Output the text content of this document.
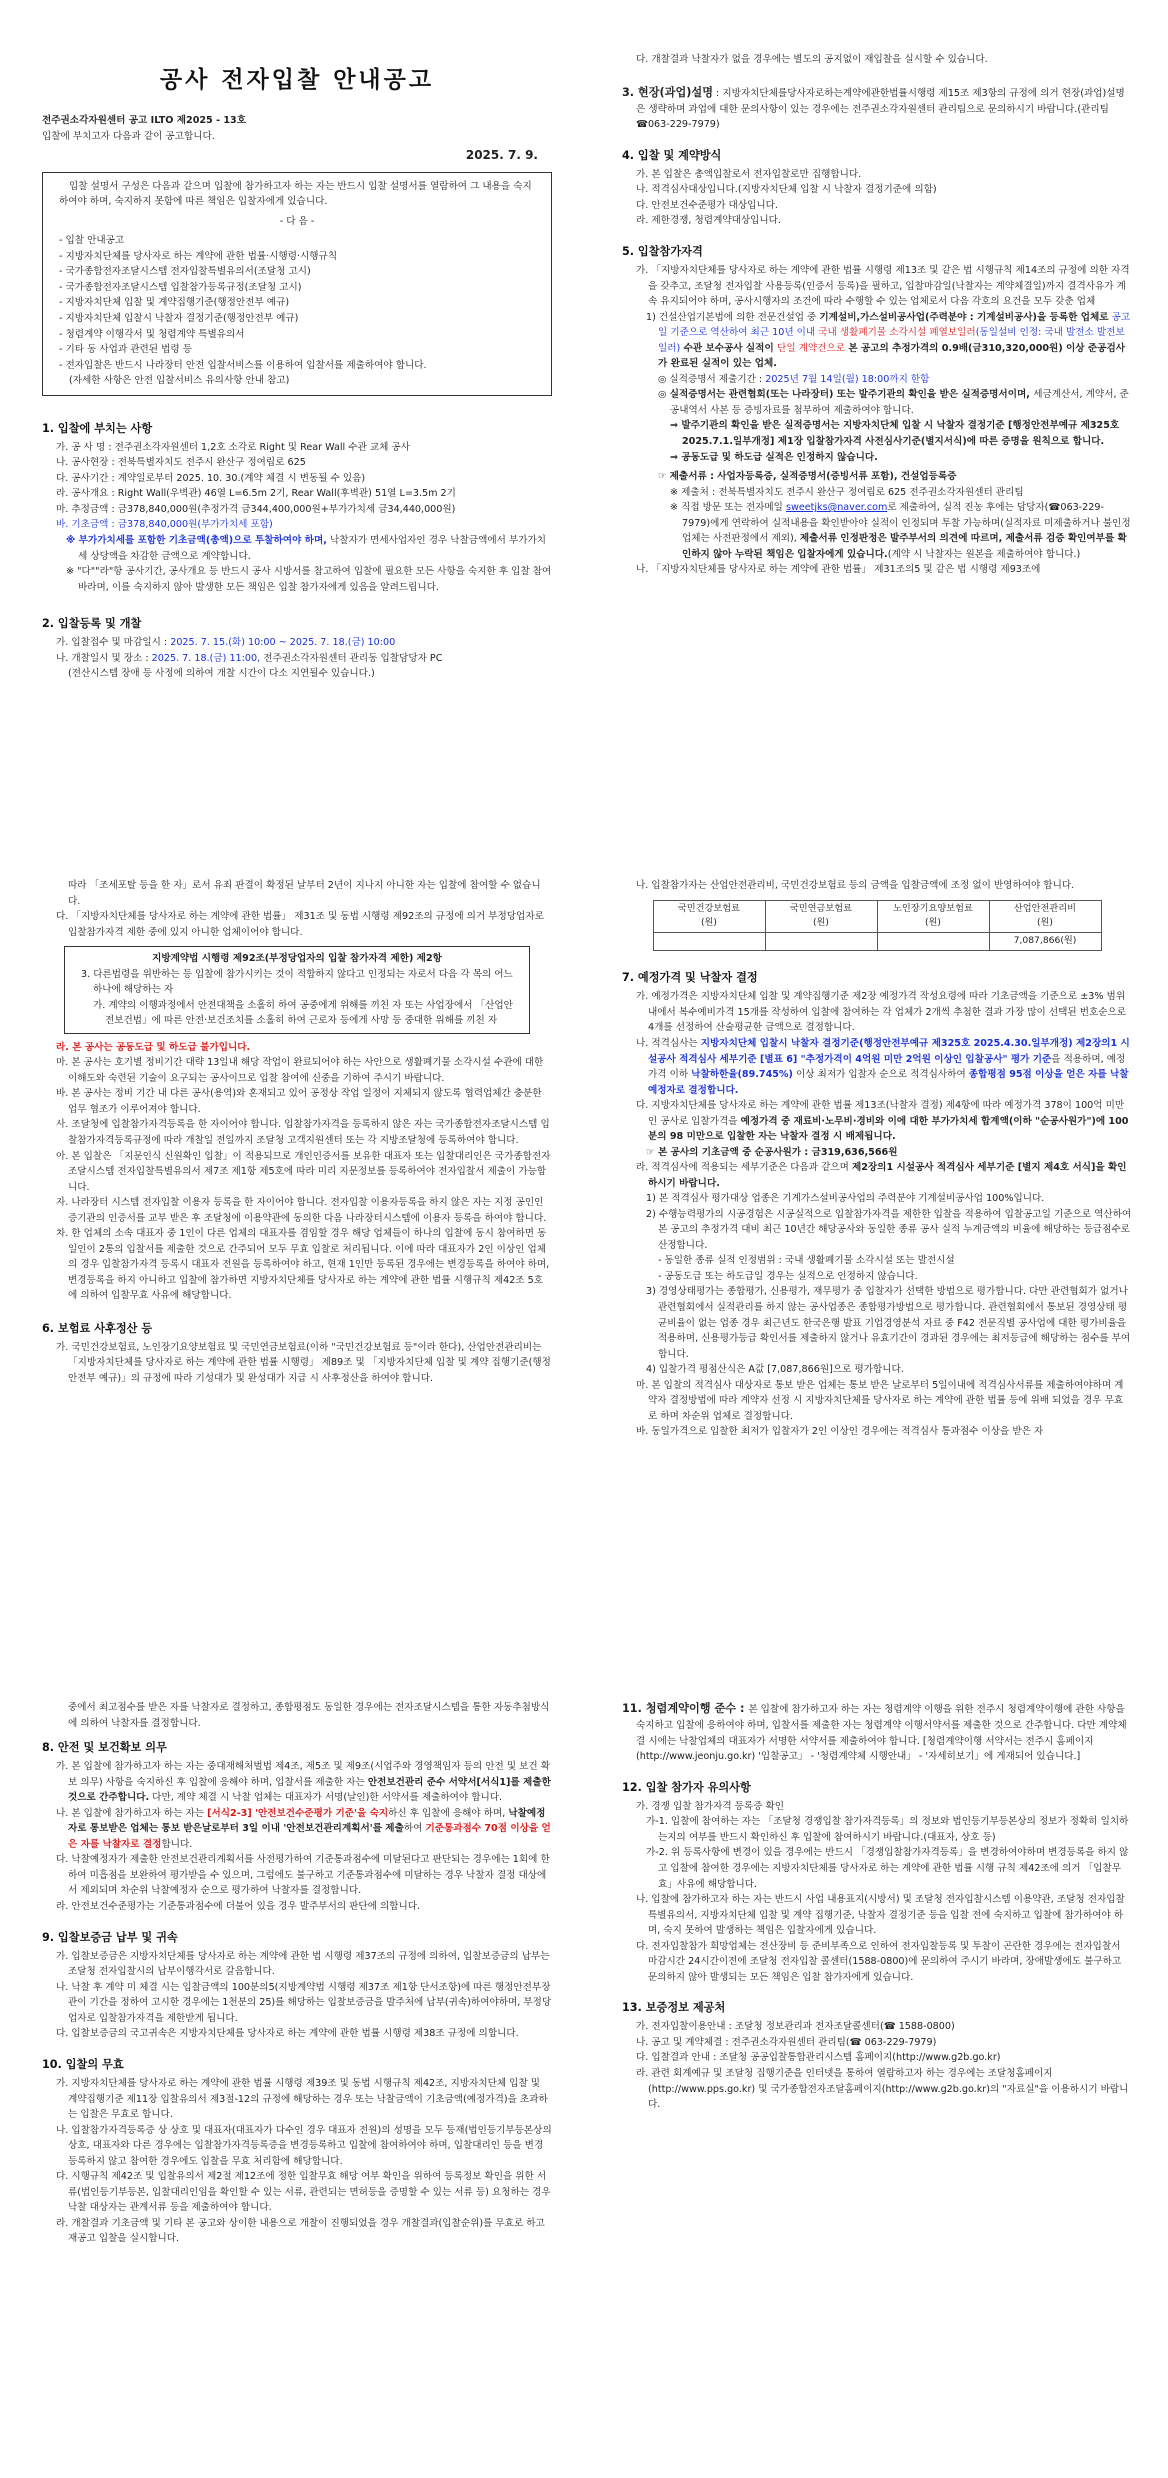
공사 전자입찰 안내공고

전주권소각자원센터 공고 ILTO 제2025 - 13호

입찰에 부치고자 다음과 같이 공고합니다.

2025. 7. 9.

입찰 설명서 구성은 다음과 같으며 입찰에 참가하고자 하는 자는 반드시 입찰 설명서를 열람하여 그 내용을 숙지하여야 하며, 숙지하지 못함에 따른 책임은 입찰자에게 있습니다.

- 다 음 -

- 입찰 안내공고

- 지방자치단체를 당사자로 하는 계약에 관한 법률·시행령·시행규칙

- 국가종합전자조달시스템 전자입찰특별유의서(조달청 고시)

- 국가종합전자조달시스템 입찰참가등록규정(조달청 고시)

- 지방자치단체 입찰 및 계약집행기준(행정안전부 예규)

- 지방자치단체 입찰시 낙찰자 결정기준(행정안전부 예규)

- 청렴계약 이행각서 및 청렴계약 특별유의서

- 기타 동 사업과 관련된 법령 등

- 전자입찰은 반드시 나라장터 안전 입찰서비스를 이용하여 입찰서를 제출하여야 합니다.

(자세한 사항은 안전 입찰서비스 유의사항 안내 참고)

1. 입찰에 부치는 사항

가. 공 사 명 : 전주권소각자원센터 1,2호 소각로 Right 및 Rear Wall 수관 교체 공사

나. 공사현장 : 전북특별자치도 전주시 완산구 정여립로 625

다. 공사기간 : 계약일로부터 2025. 10. 30.(계약 체결 시 변동될 수 있음)

라. 공사개요 : Right Wall(우벽관) 46열 L=6.5m 2기, Rear Wall(후벽관) 51열 L=3.5m 2기

마. 추정금액 : 금378,840,000원(추정가격 금344,400,000원+부가가치세 금34,440,000원)

바. 기초금액 : 금378,840,000원(부가가치세 포함)

※ 부가가치세를 포함한 기초금액(총액)으로 투찰하여야 하며, 낙찰자가 면세사업자인 경우 낙찰금액에서 부가가치세 상당액을 차감한 금액으로 계약합니다.

※ "다""라"항 공사기간, 공사개요 등 반드시 공사 시방서를 참고하여 입찰에 필요한 모든 사항을 숙지한 후 입찰 참여바라며, 이를 숙지하지 않아 발생한 모든 책임은 입찰 참가자에게 있음을 알려드립니다.

2. 입찰등록 및 개찰

가. 입찰접수 및 마감일시 : 2025. 7. 15.(화) 10:00 ~ 2025. 7. 18.(금) 10:00

나. 개찰일시 및 장소 : 2025. 7. 18.(금) 11:00, 전주권소각자원센터 관리동 입찰담당자 PC

(전산시스템 장애 등 사정에 의하여 개찰 시간이 다소 지연될수 있습니다.)

다. 개찰결과 낙찰자가 없을 경우에는 별도의 공지없이 재입찰을 실시할 수 있습니다.

3. 현장(과업)설명 : 지방자치단체를당사자로하는계약에관한법률시행령 제15조 제3항의 규정에 의거 현장(과업)설명은 생략하며 과업에 대한 문의사항이 있는 경우에는 전주권소각자원센터 관리팀으로 문의하시기 바랍니다.(관리팀 ☎063-229-7979)

4. 입찰 및 계약방식

가. 본 입찰은 총액입찰로서 전자입찰로만 집행합니다.

나. 적격심사대상입니다.(지방자치단체 입찰 시 낙찰자 결정기준에 의함)

다. 안전보건수준평가 대상입니다.

라. 제한경쟁, 청렴계약대상입니다.

5. 입찰참가자격

가. 「지방자치단체를 당사자로 하는 계약에 관한 법률 시행령 제13조 및 같은 법 시행규칙 제14조의 규정에 의한 자격을 갖추고, 조달청 전자입찰 사용등록(인증서 등록)을 필하고, 입찰마감일(낙찰자는 계약체결일)까지 결격사유가 계속 유지되어야 하며, 공사시행자의 조건에 따라 수행할 수 있는 업체로서 다음 각호의 요건을 모두 갖춘 업체

1) 건설산업기본법에 의한 전문건설업 중 기계설비,가스설비공사업(주력분야 : 기계설비공사)을 등록한 업체로 공고일 기준으로 역산하여 최근 10년 이내 국내 생활폐기물 소각시설 폐열보일러(동일설비 인정: 국내 발전소 발전보일러) 수관 보수공사 실적이 단일 계약건으로 본 공고의 추정가격의 0.9배(금310,320,000원) 이상 준공검사가 완료된 실적이 있는 업체.

◎ 실적증명서 제출기간 : 2025년 7월 14일(월) 18:00까지 한함

◎ 실적증명서는 관련협회(또는 나라장터) 또는 발주기관의 확인을 받은 실적증명서이며, 세금계산서, 계약서, 준공내역서 사본 등 증빙자료를 첨부하여 제출하여야 합니다.

⇒ 발주기관의 확인을 받은 실적증명서는 지방자치단체 입찰 시 낙찰자 결정기준 [행정안전부예규 제325호 2025.7.1.일부개정] 제1장 입찰참가자격 사전심사기준(별지서식)에 따른 증명을 원칙으로 합니다.

⇒ 공동도급 및 하도급 실적은 인정하지 않습니다.

☞ 제출서류 : 사업자등록증, 실적증명서(증빙서류 포함), 건설업등록증

※ 제출처 : 전북특별자치도 전주시 완산구 정여립로 625 전주권소각자원센터 관리팀

※ 직접 방문 또는 전자메일 sweetjks@naver.com로 제출하여, 실적 진농 후에는 담당자(☎063-229-7979)에게 연락하여 실적내용을 확인받아야 실적이 인정되며 투찰 가능하며(실적자료 미제출하거나 불인정 업체는 사전판정에서 제외), 제출서류 인정판정은 발주부서의 의견에 따르며, 제출서류 검증 확인여부를 확인하지 않아 누락된 책임은 입찰자에게 있습니다.(계약 시 낙찰자는 원본을 제출하여야 합니다.)

나. 「지방자치단체를 당사자로 하는 계약에 관한 법률」 제31조의5 및 같은 법 시행령 제93조에

따라 「조세포탈 등을 한 자」로서 유죄 판결이 확정된 날부터 2년이 지나지 아니한 자는 입찰에 참여할 수 없습니다.

다. 「지방자치단체를 당사자로 하는 계약에 관한 법률」 제31조 및 동법 시행령 제92조의 규정에 의거 부정당업자로 입찰참가자격 제한 중에 있지 아니한 업체이어야 합니다.

지방계약법 시행령 제92조(부정당업자의 입찰 참가자격 제한) 제2항

3. 다른법령을 위반하는 등 입찰에 참가시키는 것이 적합하지 않다고 인정되는 자로서 다음 각 목의 어느 하나에 해당하는 자

가. 계약의 이행과정에서 안전대책을 소홀히 하여 공중에게 위해를 끼친 자 또는 사업장에서 「산업안전보건법」에 따른 안전·보건조치를 소홀히 하여 근로자 등에게 사망 등 중대한 위해를 끼친 자

라. 본 공사는 공동도급 및 하도급 불가입니다.

마. 본 공사는 호기별 정비기간 대략 13일내 해당 작업이 완료되어야 하는 사안으로 생활폐기물 소각시설 수관에 대한 이해도와 숙련된 기술이 요구되는 공사이므로 입찰 참여에 신중을 기하여 주시기 바랍니다.

바. 본 공사는 정비 기간 내 다른 공사(용역)와 혼재되고 있어 공정상 작업 일정이 지체되지 않도록 협력업체간 충분한 업무 협조가 이루어져야 합니다.

사. 조달청에 입찰참가자격등록을 한 자이어야 합니다. 입찰참가자격을 등록하지 않은 자는 국가종합전자조달시스템 입찰참가자격등록규정에 따라 개찰일 전일까지 조달청 고객지원센터 또는 각 지방조달청에 등록하여야 합니다.

아. 본 입찰은 「지문인식 신원확인 입찰」이 적용되므로 개인인증서를 보유한 대표자 또는 입찰대리인은 국가종합전자조달시스템 전자입찰특별유의서 제7조 제1항 제5호에 따라 미리 지문정보를 등록하여야 전자입찰서 제출이 가능합니다.

자. 나라장터 시스템 전자입찰 이용자 등록을 한 자이어야 합니다. 전자입찰 이용자등록을 하지 않은 자는 지정 공인인증기관의 인증서를 교부 받은 후 조달청에 이용약관에 동의한 다음 나라장터시스템에 이용자 등록을 하여야 합니다.

차. 한 업체의 소속 대표자 중 1인이 다른 업체의 대표자를 겸임할 경우 해당 업체들이 하나의 입찰에 동시 참여하면 동일인이 2통의 입찰서를 제출한 것으로 간주되어 모두 무효 입찰로 처리됩니다. 이에 따라 대표자가 2인 이상인 업체의 경우 입찰참가자격 등록시 대표자 전원을 등록하여야 하고, 현재 1인만 등록된 경우에는 변경등록을 하여야 하며, 변경등록을 하지 아니하고 입찰에 참가하면 지방자치단체를 당사자로 하는 계약에 관한 법률 시행규칙 제42조 5호에 의하여 입찰무효 사유에 해당합니다.

6. 보험료 사후정산 등

가. 국민건강보험료, 노인장기요양보험료 및 국민연금보험료(이하 "국민건강보험료 등"이라 한다), 산업안전관리비는 「지방자치단체를 당사자로 하는 계약에 관한 법률 시행령」 제89조 및 「지방자치단체 입찰 및 계약 집행기준(행정안전부 예규)」의 규정에 따라 기성대가 및 완성대가 지급 시 사후정산을 하여야 합니다.

나. 입찰참가자는 산업안전관리비, 국민건강보험료 등의 금액을 입찰금액에 조정 없이 반영하여야 합니다.

국민건강보험료
(원)	국민연금보험료
(원)	노인장기요양보험료
(원)	산업안전관리비
(원)
			7,087,866(원)
7. 예정가격 및 낙찰자 결정

가. 예정가격은 지방자치단체 입찰 및 계약집행기준 제2장 예정가격 작성요령에 따라 기초금액을 기준으로 ±3% 범위 내에서 복수예비가격 15개를 작성하여 입찰에 참여하는 각 업체가 2개씩 추첨한 결과 가장 많이 선택된 번호순으로 4개를 선정하여 산술평균한 금액으로 결정합니다.

나. 적격심사는 지방자치단체 입찰시 낙찰자 결정기준(행정안전부예규 제325호 2025.4.30.일부개정) 제2장의1 시설공사 적격심사 세부기준 [별표 6] "추정가격이 4억원 미만 2억원 이상인 입찰공사" 평가 기준을 적용하며, 예정가격 이하 낙찰하한율(89.745%) 이상 최저가 입찰자 순으로 적격심사하여 종합평점 95점 이상을 얻은 자를 낙찰예정자로 결정합니다.

다. 지방자치단체를 당사자로 하는 계약에 관한 법률 제13조(낙찰자 결정) 제4항에 따라 예정가격 378이 100억 미만인 공사로 입찰가격을 예정가격 중 재료비·노무비·경비와 이에 대한 부가가치세 합계액(이하 "순공사원가")에 100분의 98 미만으로 입찰한 자는 낙찰자 결정 시 배제됩니다.

☞ 본 공사의 기초금액 중 순공사원가 : 금319,636,566원

라. 적격심사에 적용되는 세부기준은 다음과 같으며 제2장의1 시설공사 적격심사 세부기준 [별지 제4호 서식]을 확인하시기 바랍니다.

1) 본 적격심사 평가대상 업종은 기계가스설비공사업의 주력분야 기계설비공사업 100%입니다.

2) 수행능력평가의 시공경험은 시공실적으로 입찰참가자격을 제한한 입찰을 적용하여 입찰공고일 기준으로 역산하여 본 공고의 추정가격 대비 최근 10년간 해당공사와 동일한 종류 공사 실적 누계금액의 비율에 해당하는 등급점수로 산정합니다.

- 동일한 종류 실적 인정범위 : 국내 생활폐기물 소각시설 또는 발전시설

- 공동도급 또는 하도급일 경우는 실적으로 인정하지 않습니다.

3) 경영상태평가는 종합평가, 신용평가, 재무평가 중 입찰자가 선택한 방법으로 평가합니다. 다만 관련협회가 없거나 관련협회에서 실적관리를 하지 않는 공사업종은 종합평가방법으로 평가합니다. 관련협회에서 통보된 경영상태 평균비율이 없는 업종 경우 최근년도 한국은행 발표 기업경영분석 자료 중 F42 전문직별 공사업에 대한 평가비율을 적용하며, 신용평가등급 확인서를 제출하지 않거나 유효기간이 경과된 경우에는 최저등급에 해당하는 점수를 부여합니다.

4) 입찰가격 평점산식은 A값 [7,087,866원]으로 평가합니다.

마. 본 입찰의 적격심사 대상자로 통보 받은 업체는 통보 받은 날로부터 5일이내에 적격심사서류를 제출하여야하며 계약자 결정방법에 따라 계약자 선정 시 지방자치단체를 당사자로 하는 계약에 관한 법률 등에 위배 되었을 경우 무효로 하며 차순위 업체로 결정합니다.

바. 동일가격으로 입찰한 최저가 입찰자가 2인 이상인 경우에는 적격심사 통과점수 이상을 받은 자

중에서 최고점수를 받은 자를 낙찰자로 결정하고, 종합평점도 동일한 경우에는 전자조달시스템을 통한 자동추첨방식에 의하여 낙찰자를 결정합니다.

8. 안전 및 보건확보 의무

가. 본 입찰에 참가하고자 하는 자는 중대재해처벌법 제4조, 제5조 및 제9조(시업주와 경영책임자 등의 안전 및 보건 확보 의무) 사항을 숙지하신 후 입찰에 응해야 하며, 입찰서를 제출한 자는 안전보건관리 준수 서약서[서식1]를 제출한 것으로 간주합니다. 다만, 계약 체결 시 낙찰 업체는 대표자가 서명(날인)한 서약서를 제출하여야 합니다.

나. 본 입찰에 참가하고자 하는 자는 [서식2-3] '안전보건수준평가 기준'을 숙지하신 후 입찰에 응해야 하며, 낙찰예정자로 통보받은 업체는 통보 받은날로부터 3일 이내 '안전보건관리계획서'를 제출하여 기준통과점수 70점 이상을 얻은 자를 낙찰자로 결정합니다.

다. 낙찰예정자가 제출한 안전보건관리계획서를 사전평가하여 기준통과점수에 미달된다고 판단되는 경우에는 1회에 한하여 미흡점을 보완하여 평가받을 수 있으며, 그럼에도 불구하고 기준통과점수에 미달하는 경우 낙찰자 결정 대상에서 제외되며 차순위 낙찰예정자 순으로 평가하여 낙찰자를 결정합니다.

라. 안전보건수준평가는 기준통과점수에 더불어 있을 경우 발주부서의 판단에 의합니다.

9. 입찰보증금 납부 및 귀속

가. 입찰보증금은 지방자치단체를 당사자로 하는 계약에 관한 법 시행령 제37조의 규정에 의하여, 입찰보증금의 납부는 조달청 전자입찰시의 납부이행각서로 갈음합니다.

나. 낙찰 후 계약 미 체결 시는 입찰금액의 100분의5(지방계약법 시행령 제37조 제1항 단서조항)에 따른 행정안전부장관이 기간을 정하여 고시한 경우에는 1천분의 25)를 해당하는 입찰보증금을 발주처에 납부(귀속)하여야하며, 부정당업자로 입찰참가자격을 제한받게 됩니다.

다. 입찰보증금의 국고귀속은 지방자치단체를 당사자로 하는 계약에 관한 법률 시행령 제38조 규정에 의합니다.

10. 입찰의 무효

가. 지방자치단체를 당사자로 하는 계약에 관한 법률 시행령 제39조 및 동법 시행규칙 제42조, 지방자치단체 입찰 및 계약집행기준 제11장 입찰유의서 제3절-12의 규정에 해당하는 경우 또는 낙찰금액이 기초금액(예정가격)을 초과하는 입찰은 무효로 합니다.

나. 입찰참가자격등록증 상 상호 및 대표자(대표자가 다수인 경우 대표자 전원)의 성명을 모두 등재(법인등기부등본상의 상호, 대표자와 다른 경우에는 입찰참가자격등록증을 변경등록하고 입찰에 참여하여야 하며, 입찰대리인 등을 변경등록하지 않고 참여한 경우에도 입찰을 무효 처리함에 해당합니다.

다. 시행규칙 제42조 및 입찰유의서 제2절 제12조에 정한 입찰무효 해당 여부 확인을 위하여 등록정보 확인을 위한 서류(법인등기부등본, 입찰대리인임을 확인할 수 있는 서류, 관련되는 면허등을 증명할 수 있는 서류 등) 요청하는 경우 낙찰 대상자는 관계서류 등을 제출하여야 합니다.

라. 개찰결과 기초금액 및 기타 본 공고와 상이한 내용으로 개찰이 진행되었을 경우 개찰결과(입찰순위)를 무효로 하고 재공고 입찰을 실시합니다.

11. 청렴계약이행 준수 : 본 입찰에 참가하고자 하는 자는 청렴계약 이행을 위한 전주시 청렴계약이행에 관한 사항을 숙지하고 입찰에 응하여야 하며, 입찰서를 제출한 자는 청렴계약 이행서약서를 제출한 것으로 간주합니다. 다만 계약체결 시에는 낙찰업체의 대표자가 서명한 서약서를 제출하여야 합니다. [청렴계약이행 서약서는 전주시 홈페이지(http://www.jeonju.go.kr) '입찰공고」 - '청렴계약체 시행안내」 - '자세히보기」에 게재되어 있습니다.]

12. 입찰 참가자 유의사항

가. 경쟁 입찰 참가자격 등록증 확인

가-1. 입찰에 참여하는 자는 「조달청 경쟁입찰 참가자격등록」의 정보와 법인등기부등본상의 정보가 정확히 일치하는지의 여부를 반드시 확인하신 후 입찰에 참여하시기 바랍니다.(대표자, 상호 등)

가-2. 위 등록사항에 변경이 있을 경우에는 반드시 「경쟁입찰참가자격등록」을 변경하여야하며 변경등록을 하지 않고 입찰에 참여한 경우에는 지방자치단체를 당사자로 하는 계약에 관한 법률 시행 규칙 제42조에 의거 「입찰무효」사유에 해당합니다.

나. 입찰에 참가하고자 하는 자는 반드시 사업 내용표지(시방서) 및 조달청 전자입찰시스템 이용약관, 조달청 전자입찰 특별유의서, 지방자치단체 입찰 및 계약 집행기준, 낙찰자 결정기준 등을 입찰 전에 숙지하고 입찰에 참가하여야 하며, 숙지 못하여 발생하는 책임은 입찰자에게 있습니다.

다. 전자입찰참가 희망업체는 전산장비 등 준비부족으로 인하여 전자입찰등록 및 투찰이 곤란한 경우에는 전자입찰서 마감시간 24시간이전에 조달청 전자입찰 콜센터(1588-0800)에 문의하여 주시기 바라며, 장애발생에도 불구하고 문의하지 않아 발생되는 모든 책임은 입찰 참가자에게 있습니다.

13. 보증정보 제공처

가. 전자입찰이용안내 : 조달청 정보관리과 전자조달콜센터(☎ 1588-0800)

나. 공고 및 계약체결 : 전주권소각자원센터 관리팀(☎ 063-229-7979)

다. 입찰결과 안내 : 조달청 공공입찰통합관리시스템 홈페이지(http://www.g2b.go.kr)

라. 관련 회계예규 및 조달청 집행기준을 인터넷을 통하여 열람하고자 하는 경우에는 조달청홈페이지(http://www.pps.go.kr) 및 국가종합전자조달홈페이지(http://www.g2b.go.kr)의 "자료실"을 이용하시기 바랍니다.
